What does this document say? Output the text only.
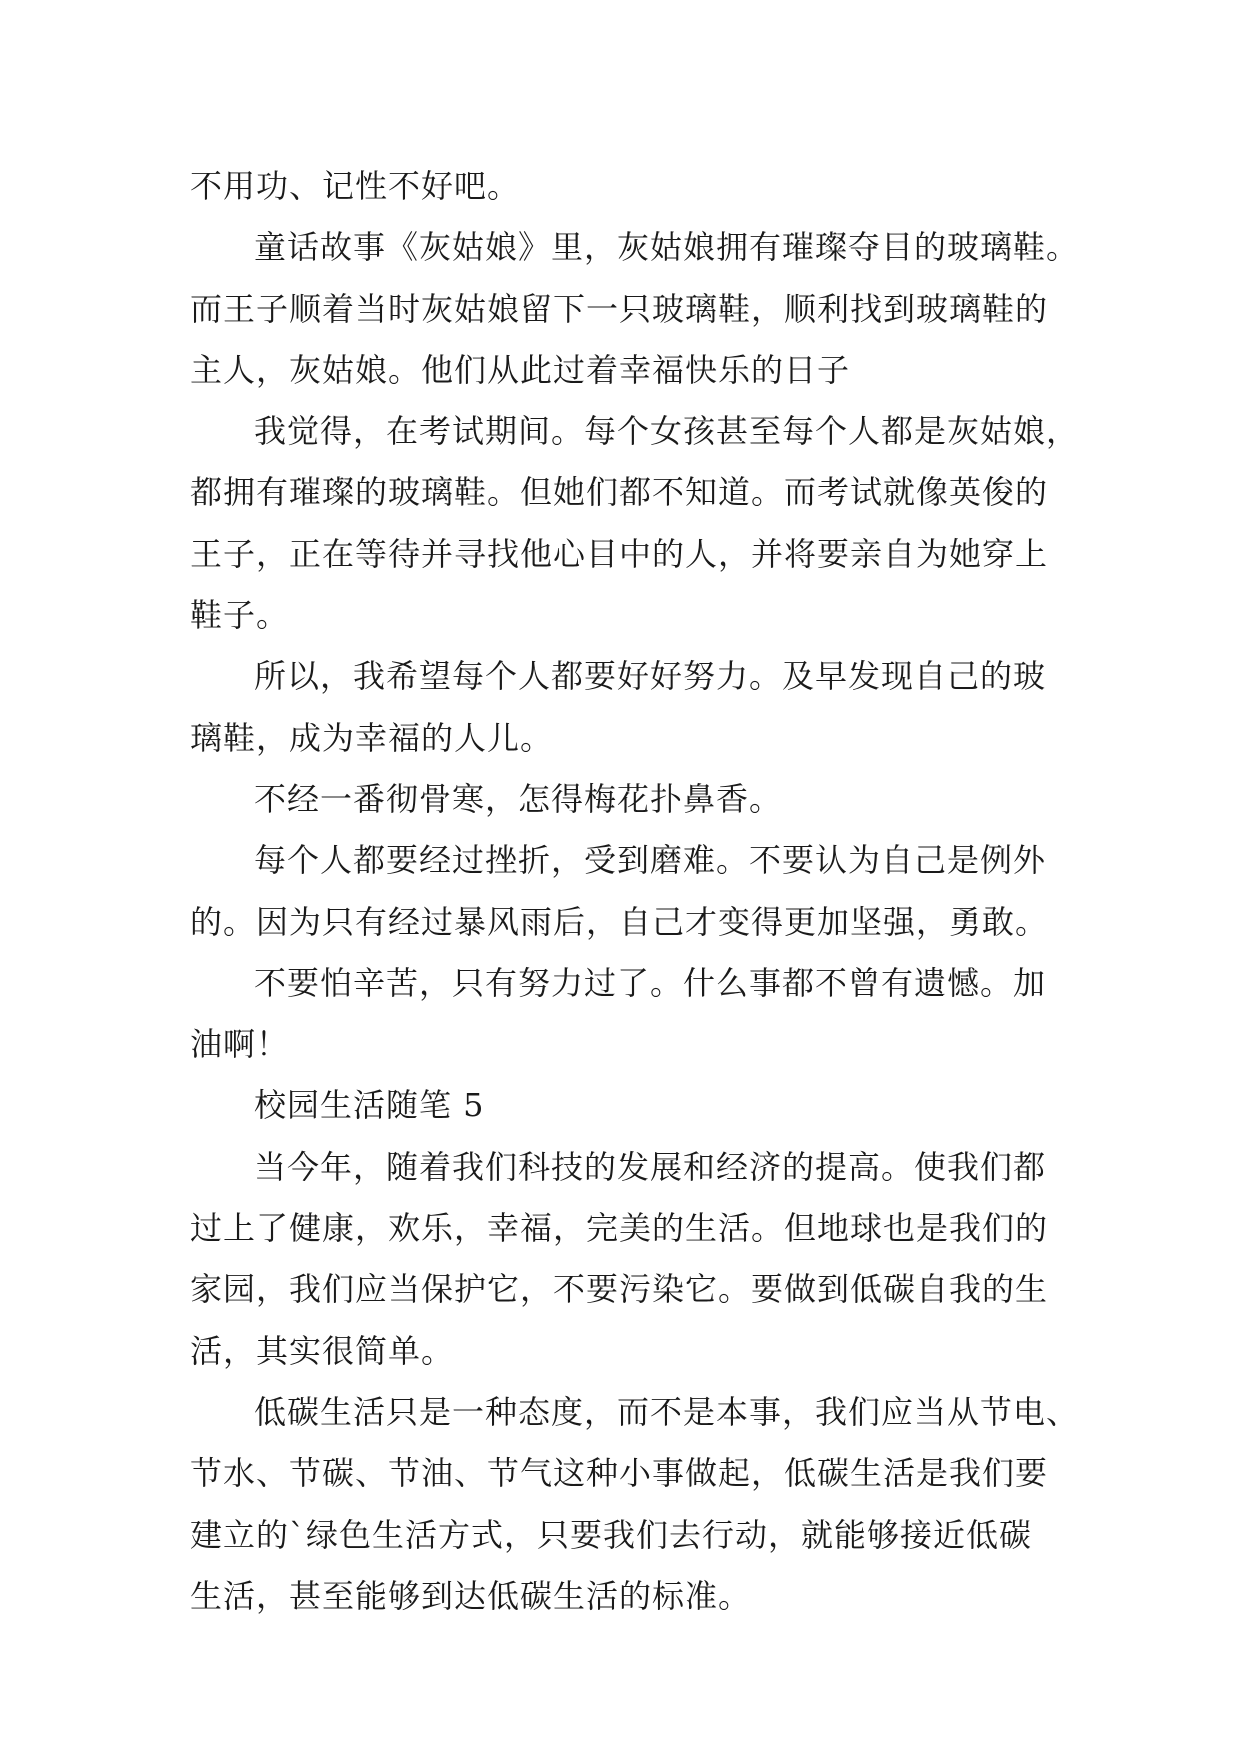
不用功、记性不好吧。
童话故事《灰姑娘》里，灰姑娘拥有璀璨夺目的玻璃鞋。
而王子顺着当时灰姑娘留下一只玻璃鞋，顺利找到玻璃鞋的
主人，灰姑娘。他们从此过着幸福快乐的日子
我觉得，在考试期间。每个女孩甚至每个人都是灰姑娘，
都拥有璀璨的玻璃鞋。但她们都不知道。而考试就像英俊的
王子，正在等待并寻找他心目中的人，并将要亲自为她穿上
鞋子。
所以，我希望每个人都要好好努力。及早发现自己的玻
璃鞋，成为幸福的人儿。
不经一番彻骨寒，怎得梅花扑鼻香。
每个人都要经过挫折，受到磨难。不要认为自己是例外
的。因为只有经过暴风雨后，自己才变得更加坚强，勇敢。
不要怕辛苦，只有努力过了。什么事都不曾有遗憾。加
油啊！
校园生活随笔 5
当今年，随着我们科技的发展和经济的提高。使我们都
过上了健康，欢乐，幸福，完美的生活。但地球也是我们的
家园，我们应当保护它，不要污染它。要做到低碳自我的生
活，其实很简单。
低碳生活只是一种态度，而不是本事，我们应当从节电、
节水、节碳、节油、节气这种小事做起，低碳生活是我们要
建立的`绿色生活方式，只要我们去行动，就能够接近低碳
生活，甚至能够到达低碳生活的标准。
